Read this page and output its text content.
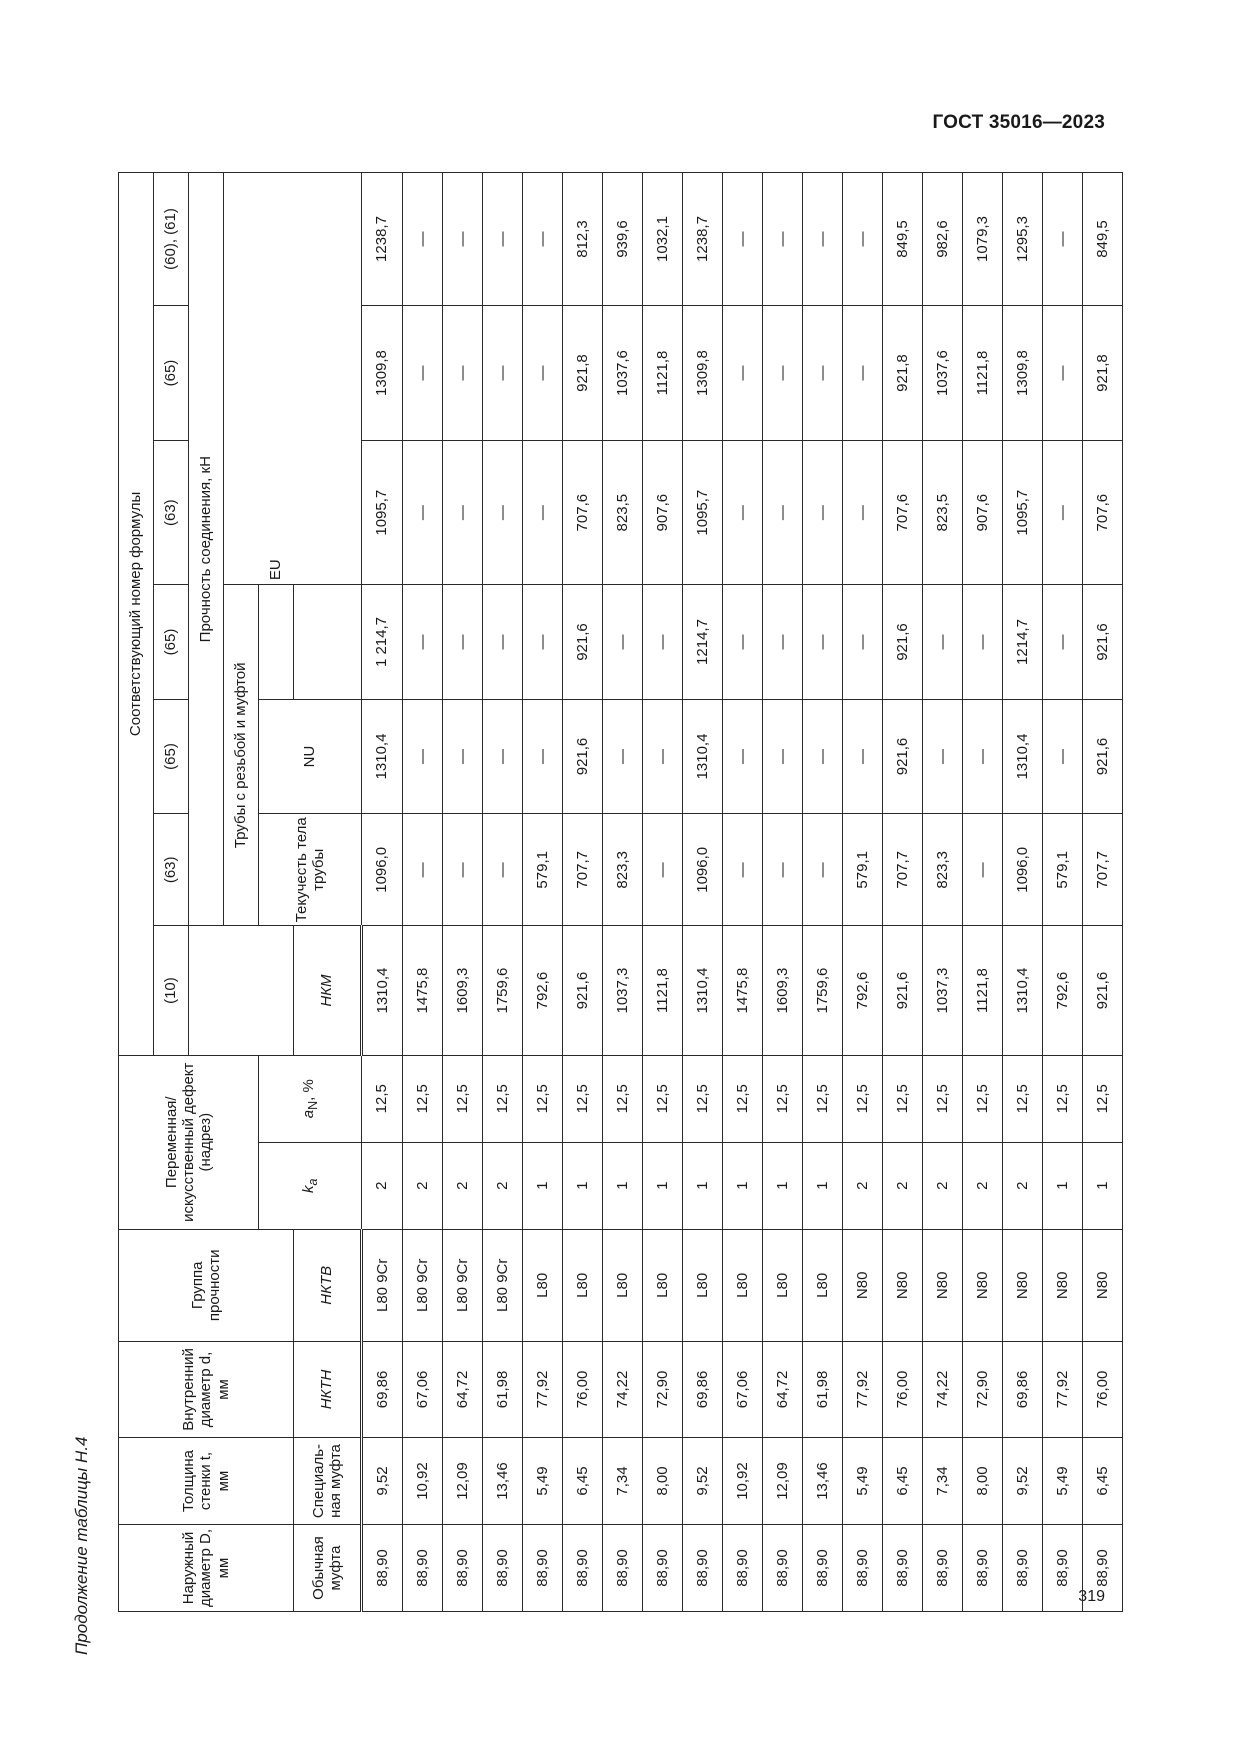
ГОСТ 35016—2023
Продолжение таблицы Н.4	319
Наружный диаметр D, мм	Толщина стенки t, мм	Внутренний диаметр d, мм	Группа прочности	Переменная/ искусственный дефект (надрез)		Соответствующий номер формулы						
						(10)	(63)	(65)	(65)	(63)	(65)	(60), (61)
							Прочность соединения, кН					
							Трубы с резьбой и муфтой					
				$k_a$	$a_N$, %		Текучесть тела трубы	NU	EU			
Обычная муфта	Специаль- ная муфта	НКТН	НКТВ			НКМ						
88,90	9,52	69,86	L80 9Cr	2	12,5	1310,4	1096,0	1310,4	1 214,7	1095,7	1309,8	1238,7
88,90	10,92	67,06	L80 9Cr	2	12,5	1475,8	—	—	—	—	—	—
88,90	12,09	64,72	L80 9Cr	2	12,5	1609,3	—	—	—	—	—	—
88,90	13,46	61,98	L80 9Cr	2	12,5	1759,6	—	—	—	—	—	—
88,90	5,49	77,92	L80	1	12,5	792,6	579,1	—	—	—	—	—
88,90	6,45	76,00	L80	1	12,5	921,6	707,7	921,6	921,6	707,6	921,8	812,3
88,90	7,34	74,22	L80	1	12,5	1037,3	823,3	—	—	823,5	1037,6	939,6
88,90	8,00	72,90	L80	1	12,5	1121,8	—	—	—	907,6	1121,8	1032,1
88,90	9,52	69,86	L80	1	12,5	1310,4	1096,0	1310,4	1214,7	1095,7	1309,8	1238,7
88,90	10,92	67,06	L80	1	12,5	1475,8	—	—	—	—	—	—
88,90	12,09	64,72	L80	1	12,5	1609,3	—	—	—	—	—	—
88,90	13,46	61,98	L80	1	12,5	1759,6	—	—	—	—	—	—
88,90	5,49	77,92	N80	2	12,5	792,6	579,1	—	—	—	—	—
88,90	6,45	76,00	N80	2	12,5	921,6	707,7	921,6	921,6	707,6	921,8	849,5
88,90	7,34	74,22	N80	2	12,5	1037,3	823,3	—	—	823,5	1037,6	982,6
88,90	8,00	72,90	N80	2	12,5	1121,8	—	—	—	907,6	1121,8	1079,3
88,90	9,52	69,86	N80	2	12,5	1310,4	1096,0	1310,4	1214,7	1095,7	1309,8	1295,3
88,90	5,49	77,92	N80	1	12,5	792,6	579,1	—	—	—	—	—
88,90	6,45	76,00	N80	1	12,5	921,6	707,7	921,6	921,6	707,6	921,8	849,5
